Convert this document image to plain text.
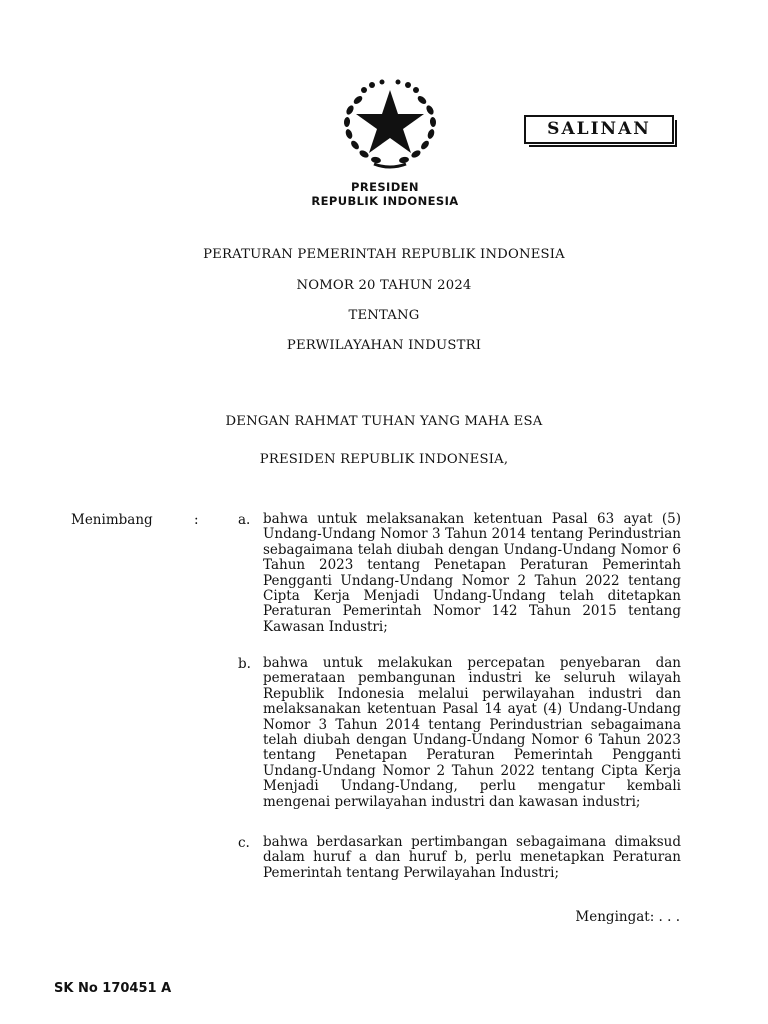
SALINAN
PRESIDEN
REPUBLIK INDONESIA
PERATURAN PEMERINTAH REPUBLIK INDONESIA
NOMOR 20 TAHUN 2024
TENTANG
PERWILAYAHAN INDUSTRI
DENGAN RAHMAT TUHAN YANG MAHA ESA
PRESIDEN REPUBLIK INDONESIA,
Menimbang	:	a. bahwa untuk melaksanakan ketentuan Pasal 63 ayat (5) Undang-Undang Nomor 3 Tahun 2014 tentang Perindustrian sebagaimana telah diubah dengan Undang-Undang Nomor 6 Tahun 2023 tentang Penetapan Peraturan Pemerintah Pengganti Undang-Undang Nomor 2 Tahun 2022 tentang Cipta Kerja Menjadi Undang-Undang telah ditetapkan Peraturan Pemerintah Nomor 142 Tahun 2015 tentang Kawasan Industri;
b. bahwa untuk melakukan percepatan penyebaran dan pemerataan pembangunan industri ke seluruh wilayah Republik Indonesia melalui perwilayahan industri dan melaksanakan ketentuan Pasal 14 ayat (4) Undang-Undang Nomor 3 Tahun 2014 tentang Perindustrian sebagaimana telah diubah dengan Undang-Undang Nomor 6 Tahun 2023 tentang Penetapan Peraturan Pemerintah Pengganti Undang-Undang Nomor 2 Tahun 2022 tentang Cipta Kerja Menjadi Undang-Undang, perlu mengatur kembali mengenai perwilayahan industri dan kawasan industri;
c. bahwa berdasarkan pertimbangan sebagaimana dimaksud dalam huruf a dan huruf b, perlu menetapkan Peraturan Pemerintah tentang Perwilayahan Industri;
Mengingat: . . .
SK No 170451 A
